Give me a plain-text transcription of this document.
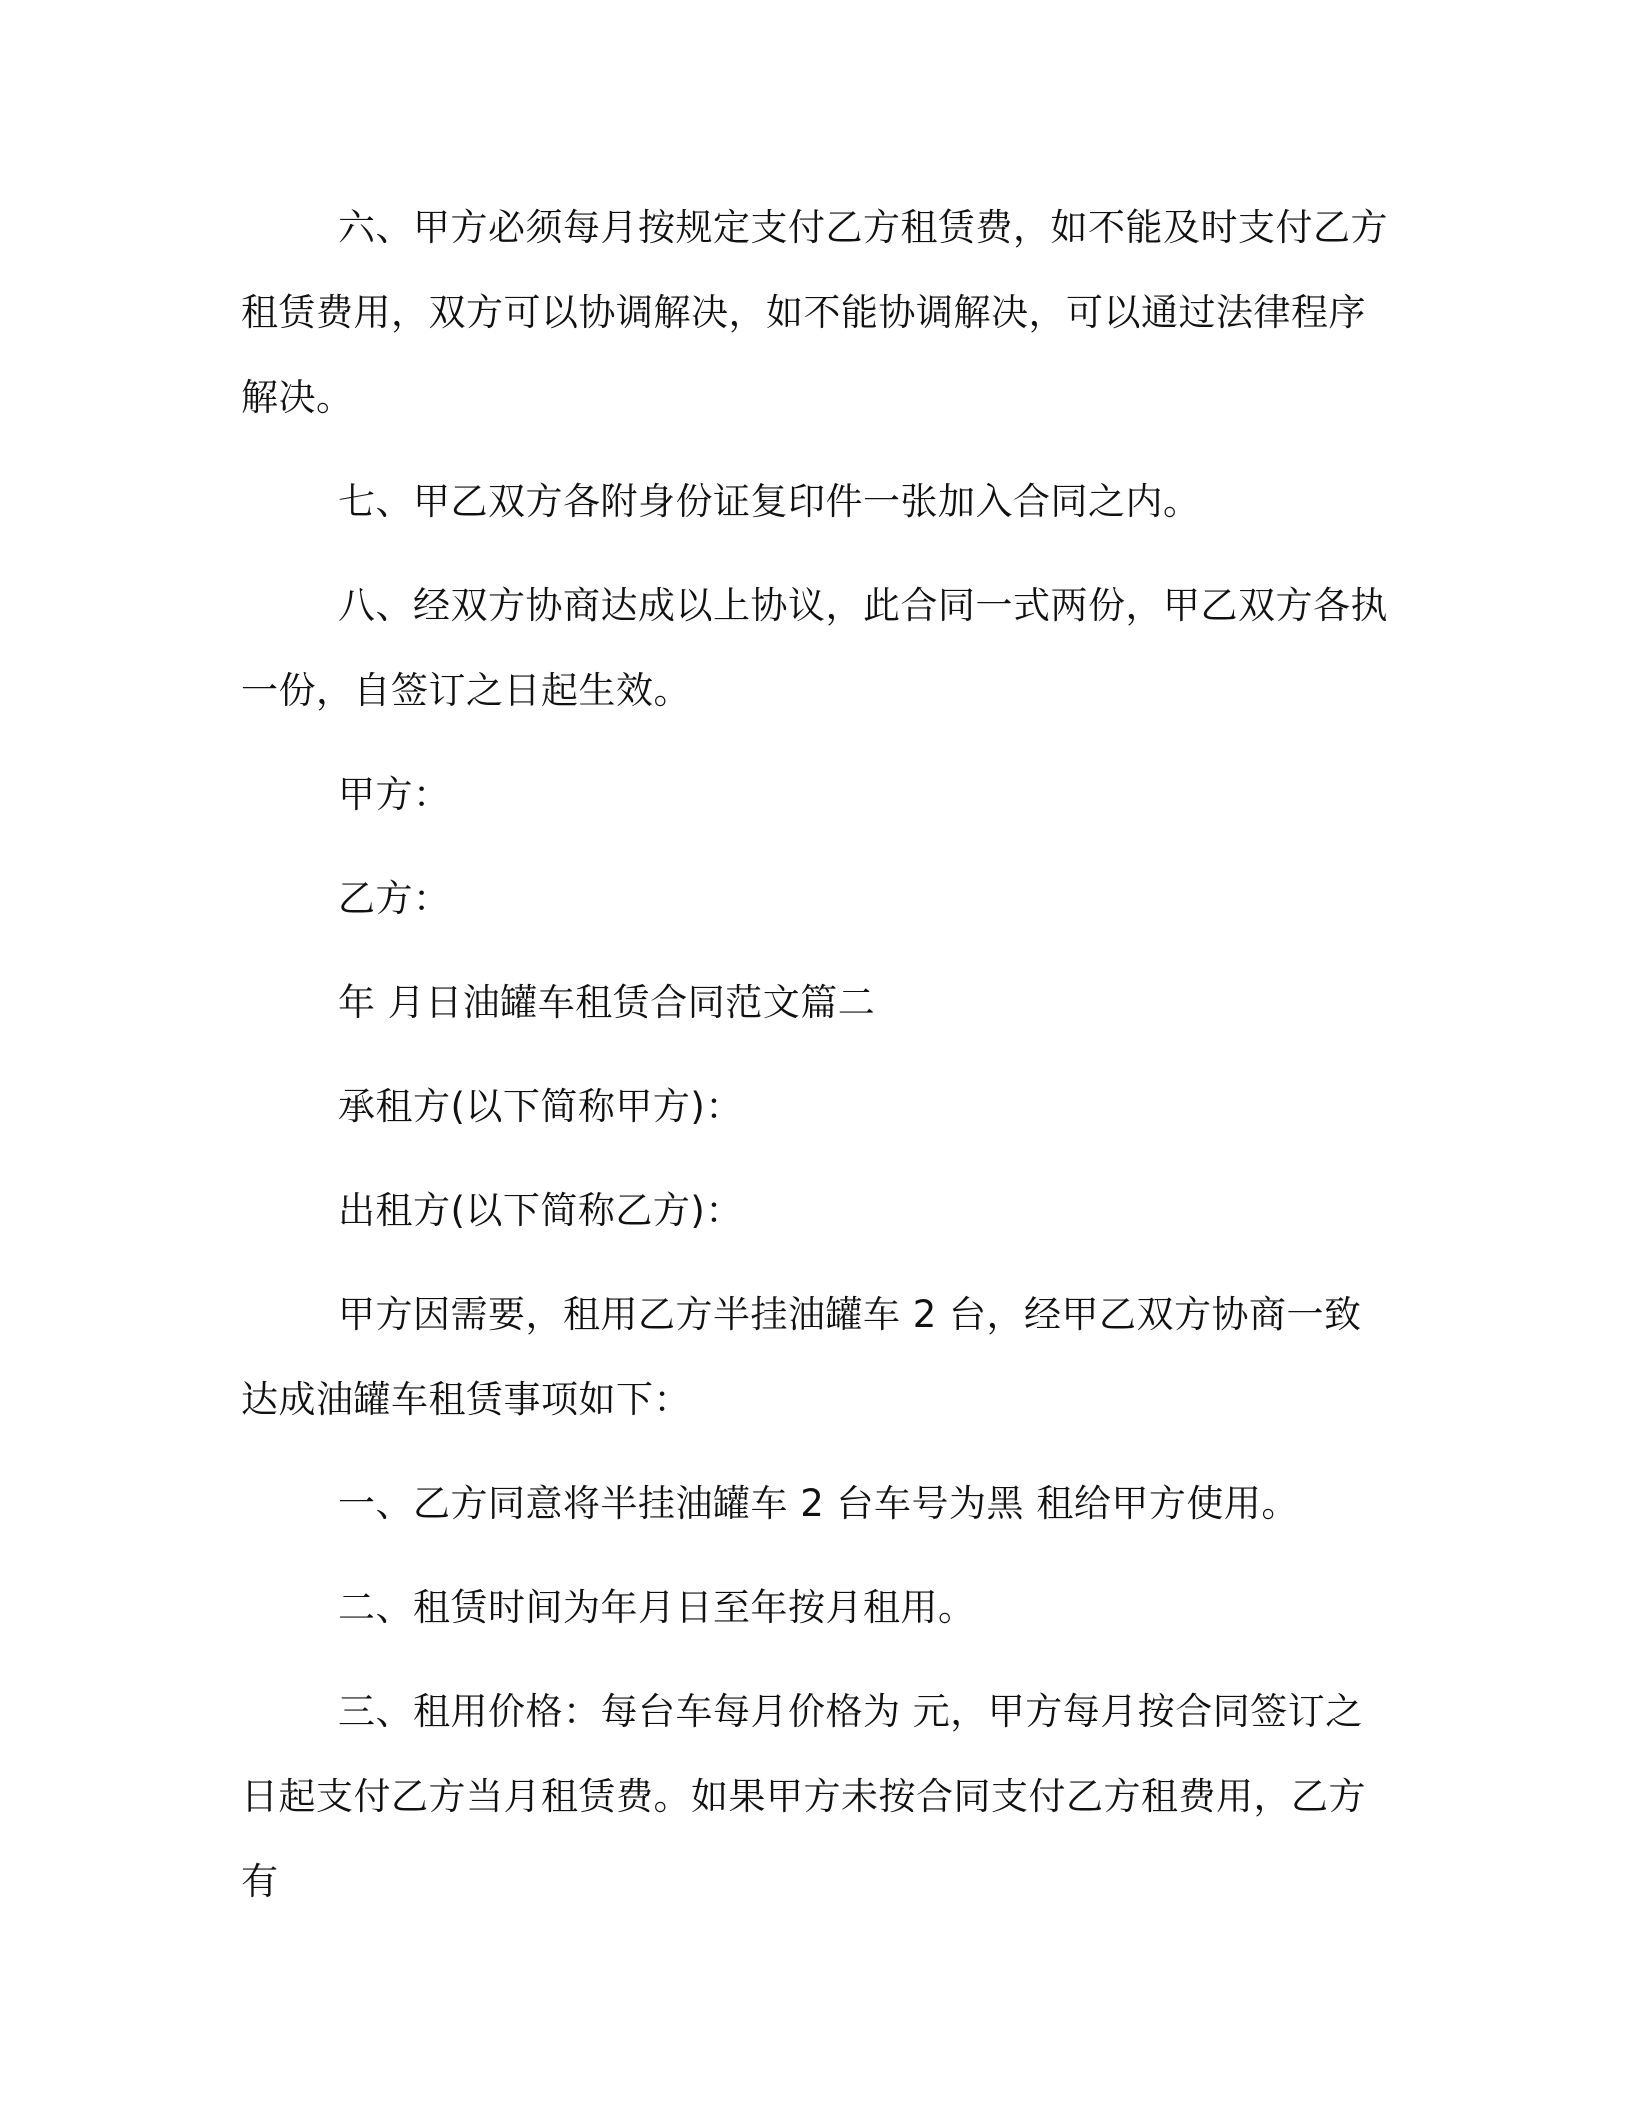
六、甲方必须每月按规定支付乙方租赁费，如不能及时支付乙方租赁费用，双方可以协调解决，如不能协调解决，可以通过法律程序解决。

七、甲乙双方各附身份证复印件一张加入合同之内。

八、经双方协商达成以上协议，此合同一式两份，甲乙双方各执一份，自签订之日起生效。

甲方：

乙方：

年 月日油罐车租赁合同范文篇二

承租方(以下简称甲方)：

出租方(以下简称乙方)：

甲方因需要，租用乙方半挂油罐车 2 台，经甲乙双方协商一致达成油罐车租赁事项如下：

一、乙方同意将半挂油罐车 2 台车号为黑 租给甲方使用。

二、租赁时间为年月日至年按月租用。

三、租用价格：每台车每月价格为 元，甲方每月按合同签订之日起支付乙方当月租赁费。如果甲方未按合同支付乙方租费用，乙方有
